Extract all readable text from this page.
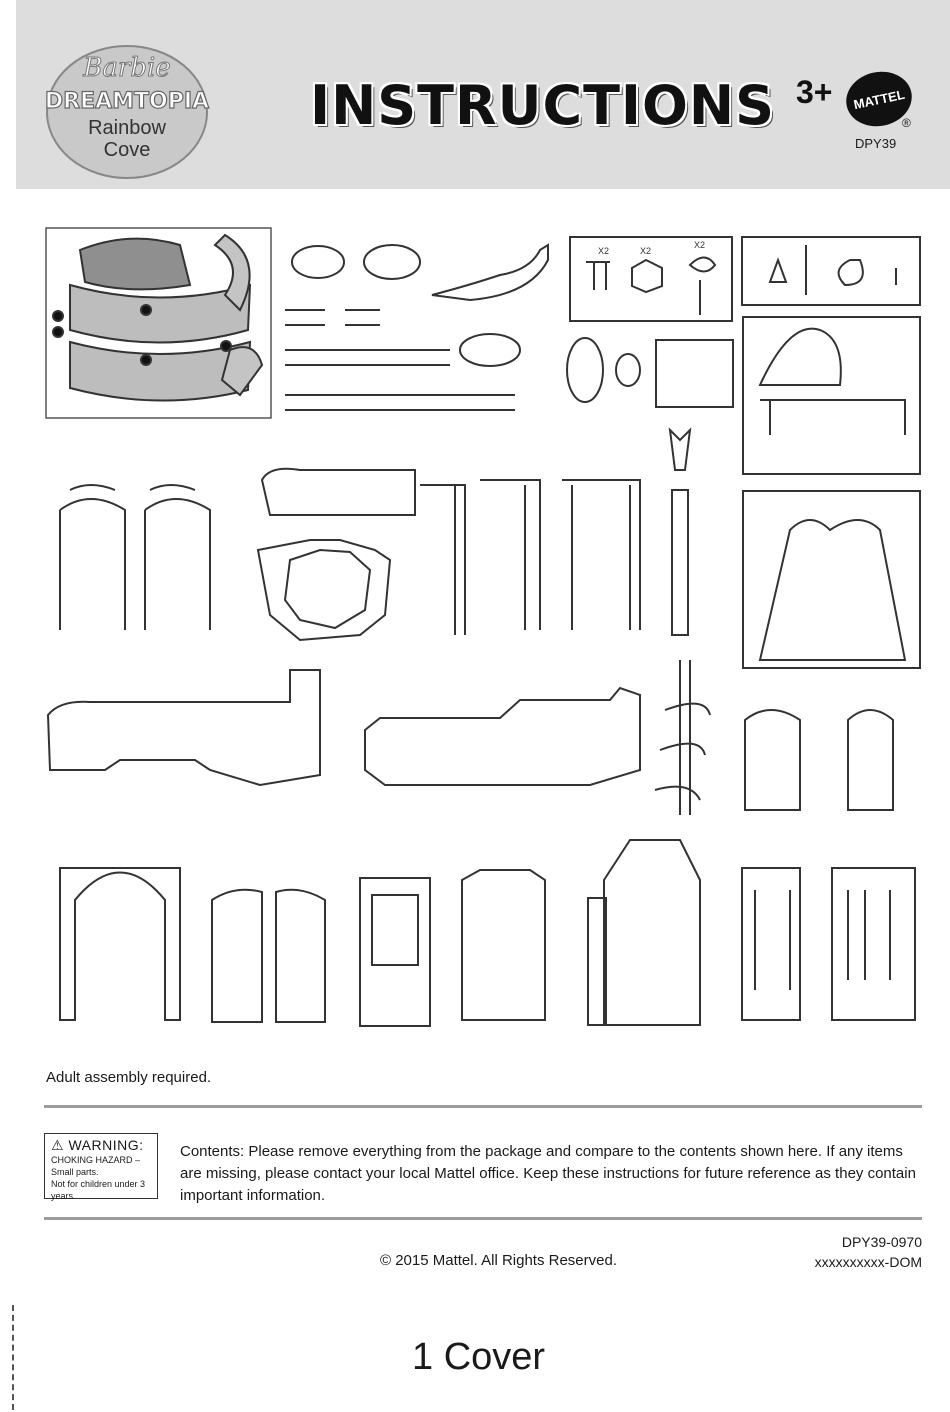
Barbie
DREAMTOPIA
Rainbow
Cove
INSTRUCTIONS 3+	MATTEL
®
DPY39
X2	X2
X2
Adult assembly required.
⚠ WARNING:
CHOKING HAZARD – Small parts.
Not for children under 3 years.
Contents: Please remove everything from the package and compare to the contents shown here. If any items are missing, please contact your local Mattel office. Keep these instructions for future reference as they contain important information.
© 2015 Mattel. All Rights Reserved.
DPY39-0970
xxxxxxxxxx-DOM
1 Cover
